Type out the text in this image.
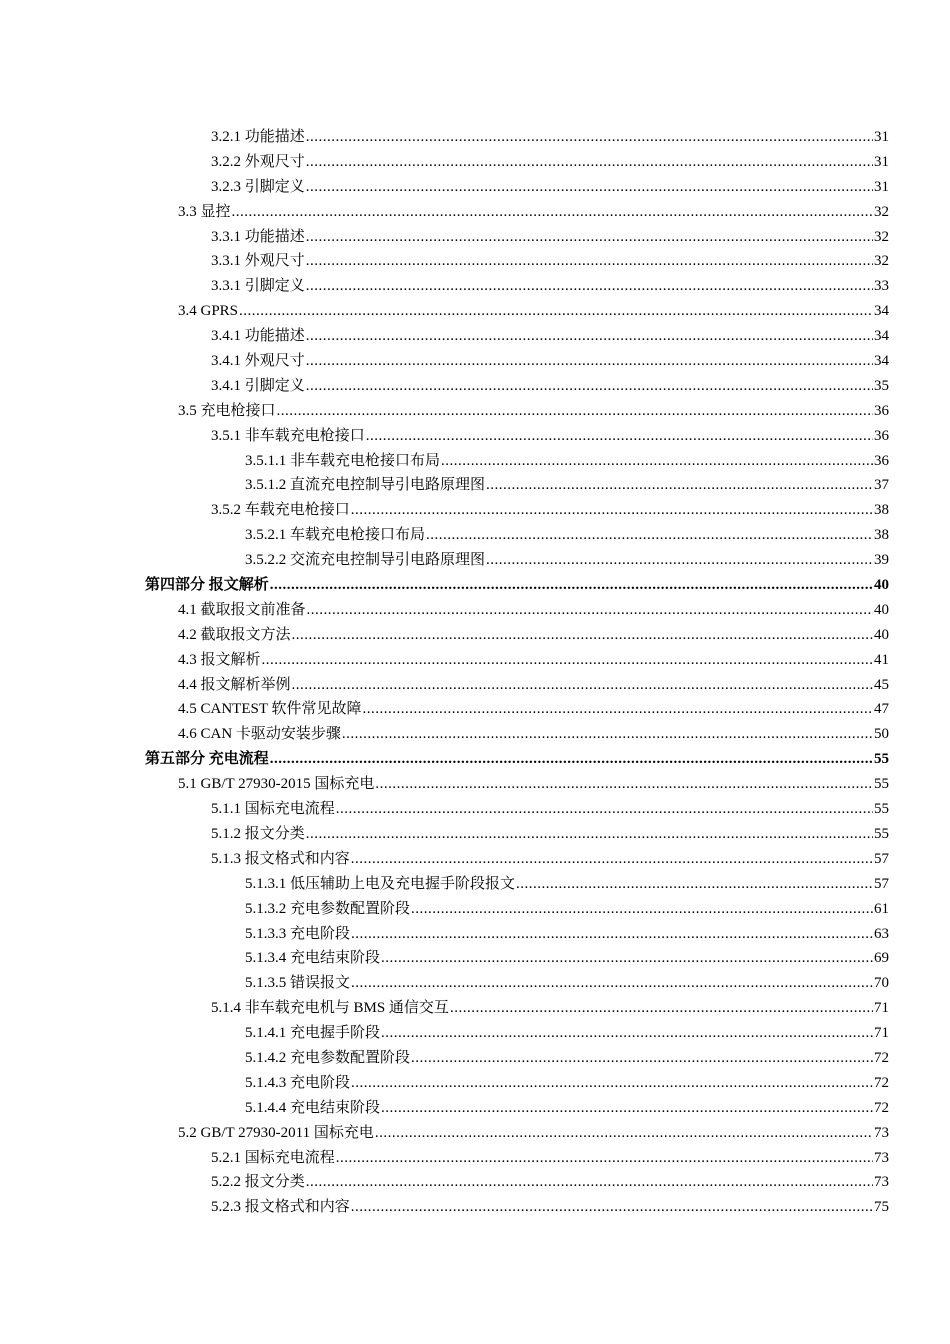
3.2.1 功能描述 .....	31
3.2.2 外观尺寸 .....	31
3.2.3 引脚定义 .....	31
3.3 显控 .....	32
3.3.1 功能描述 .....	32
3.3.1 外观尺寸 .....	32
3.3.1 引脚定义 .....	33
3.4 GPRS .....	34
3.4.1 功能描述 .....	34
3.4.1 外观尺寸 .....	34
3.4.1 引脚定义 .....	35
3.5 充电枪接口 .....	36
3.5.1 非车载充电枪接口 .....	36
3.5.1.1 非车载充电枪接口布局 .....	36
3.5.1.2 直流充电控制导引电路原理图 .....	37
3.5.2 车载充电枪接口 .....	38
3.5.2.1 车载充电枪接口布局 .....	38
3.5.2.2 交流充电控制导引电路原理图 .....	39
第四部分 报文解析 .....	40
4.1 截取报文前准备 .....	40
4.2 截取报文方法 .....	40
4.3 报文解析 .....	41
4.4 报文解析举例 .....	45
4.5 CANTEST 软件常见故障 .....	47
4.6 CAN 卡驱动安装步骤 .....	50
第五部分 充电流程 .....	55
5.1 GB/T 27930-2015 国标充电 .....	55
5.1.1 国标充电流程 .....	55
5.1.2 报文分类 .....	55
5.1.3 报文格式和内容 .....	57
5.1.3.1 低压辅助上电及充电握手阶段报文 .....	57
5.1.3.2 充电参数配置阶段 .....	61
5.1.3.3 充电阶段 .....	63
5.1.3.4 充电结束阶段 .....	69
5.1.3.5 错误报文 .....	70
5.1.4 非车载充电机与 BMS 通信交互 .....	71
5.1.4.1 充电握手阶段 .....	71
5.1.4.2 充电参数配置阶段 .....	72
5.1.4.3 充电阶段 .....	72
5.1.4.4 充电结束阶段 .....	72
5.2 GB/T 27930-2011 国标充电 .....	73
5.2.1 国标充电流程 .....	73
5.2.2 报文分类 .....	73
5.2.3 报文格式和内容 .....	75
